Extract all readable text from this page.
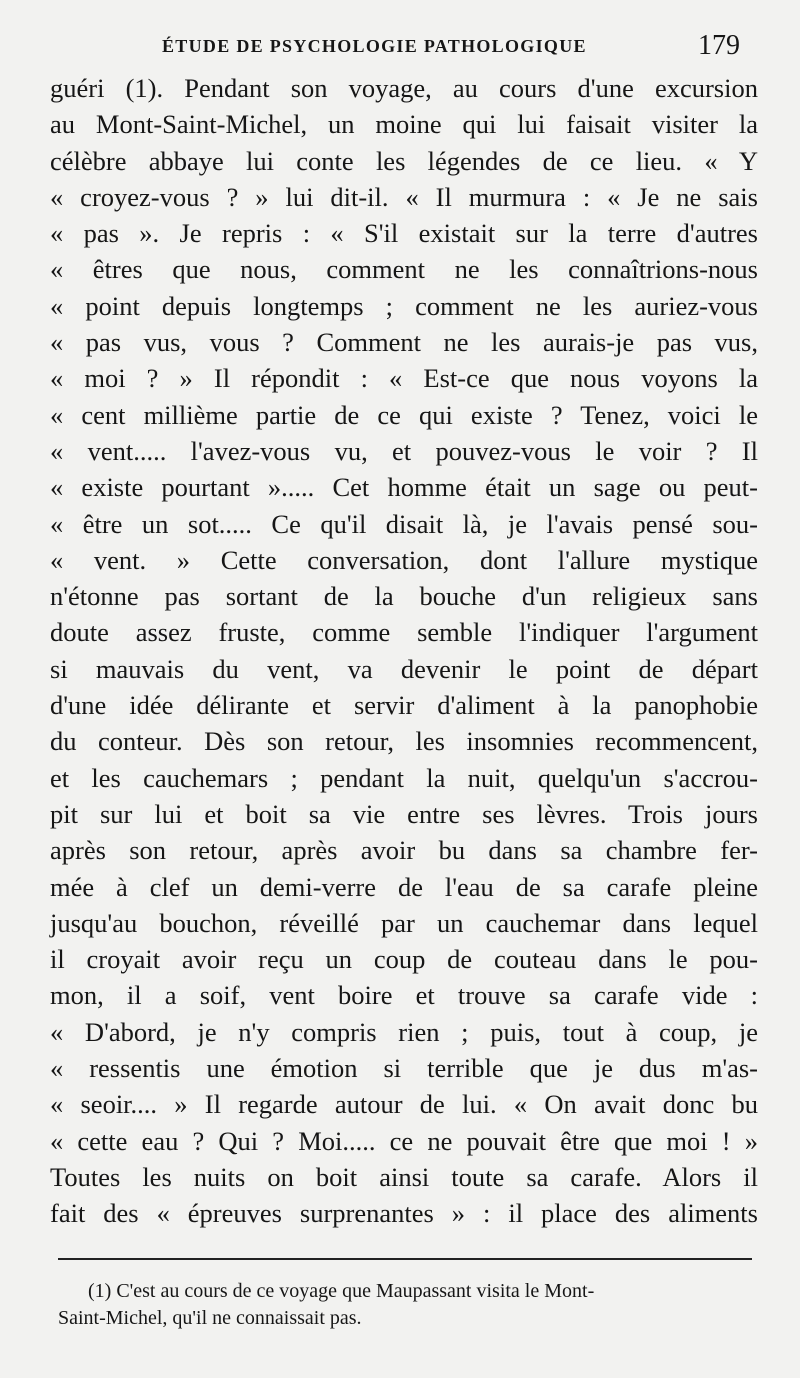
ÉTUDE DE PSYCHOLOGIE PATHOLOGIQUE	179
guéri (1). Pendant son voyage, au cours d'une excursion
au Mont-Saint-Michel, un moine qui lui faisait visiter la
célèbre abbaye lui conte les légendes de ce lieu. « Y
« croyez-vous ? » lui dit-il. « Il murmura : « Je ne sais
« pas ». Je repris : « S'il existait sur la terre d'autres
« êtres que nous, comment ne les connaîtrions-nous
« point depuis longtemps ; comment ne les auriez-vous
« pas vus, vous ? Comment ne les aurais-je pas vus,
« moi ? » Il répondit : « Est-ce que nous voyons la
« cent millième partie de ce qui existe ? Tenez, voici le
« vent..... l'avez-vous vu, et pouvez-vous le voir ? Il
« existe pourtant »..... Cet homme était un sage ou peut-
« être un sot..... Ce qu'il disait là, je l'avais pensé sou-
« vent. » Cette conversation, dont l'allure mystique
n'étonne pas sortant de la bouche d'un religieux sans
doute assez fruste, comme semble l'indiquer l'argument
si mauvais du vent, va devenir le point de départ
d'une idée délirante et servir d'aliment à la panophobie
du conteur. Dès son retour, les insomnies recommencent,
et les cauchemars ; pendant la nuit, quelqu'un s'accrou-
pit sur lui et boit sa vie entre ses lèvres. Trois jours
après son retour, après avoir bu dans sa chambre fer-
mée à clef un demi-verre de l'eau de sa carafe pleine
jusqu'au bouchon, réveillé par un cauchemar dans lequel
il croyait avoir reçu un coup de couteau dans le pou-
mon, il a soif, vent boire et trouve sa carafe vide :
« D'abord, je n'y compris rien ; puis, tout à coup, je
« ressentis une émotion si terrible que je dus m'as-
« seoir.... » Il regarde autour de lui. « On avait donc bu
« cette eau ? Qui ? Moi..... ce ne pouvait être que moi ! »
Toutes les nuits on boit ainsi toute sa carafe. Alors il
fait des « épreuves surprenantes » : il place des aliments
(1) C'est au cours de ce voyage que Maupassant visita le Mont-
Saint-Michel, qu'il ne connaissait pas.
